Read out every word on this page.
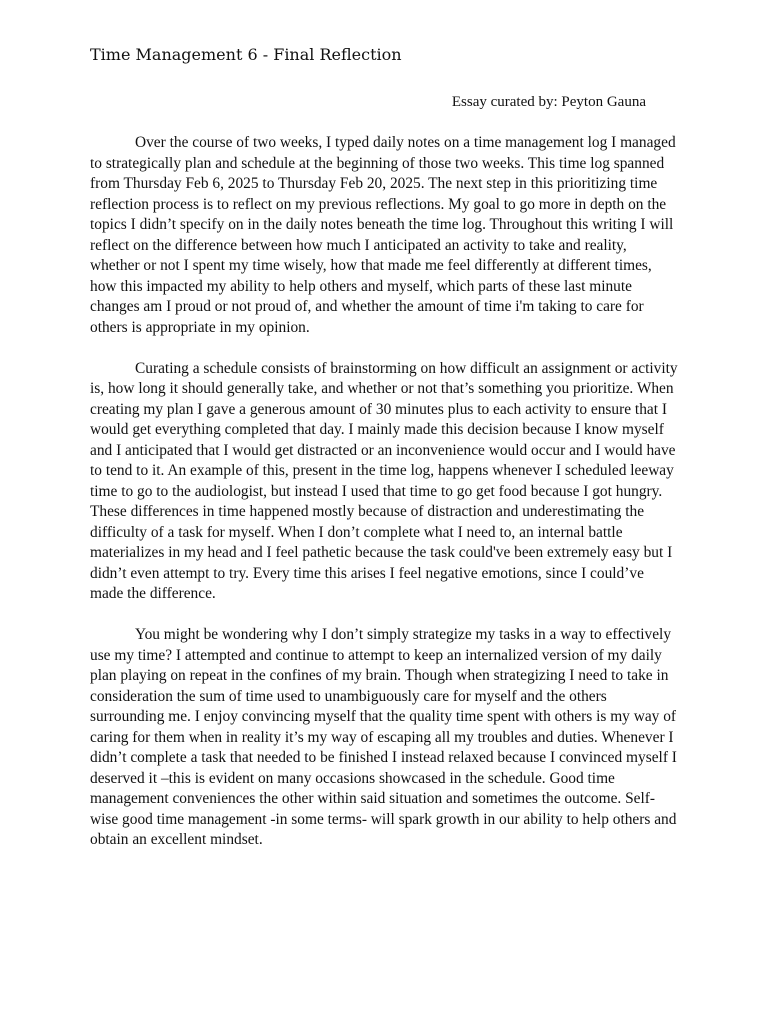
Time Management 6 - Final Reflection
Essay curated by: Peyton Gauna

Over the course of two weeks, I typed daily notes on a time management log I managed to strategically plan and schedule at the beginning of those two weeks. This time log spanned from Thursday Feb 6, 2025 to Thursday Feb 20, 2025. The next step in this prioritizing time reflection process is to reflect on my previous reflections. My goal to go more in depth on the topics I didn’t specify on in the daily notes beneath the time log. Throughout this writing I will reflect on the difference between how much I anticipated an activity to take and reality, whether or not I spent my time wisely, how that made me feel differently at different times, how this impacted my ability to help others and myself, which parts of these last minute changes am I proud or not proud of, and whether the amount of time i'm taking to care for others is appropriate in my opinion.

Curating a schedule consists of brainstorming on how difficult an assignment or activity is, how long it should generally take, and whether or not that’s something you prioritize. When creating my plan I gave a generous amount of 30 minutes plus to each activity to ensure that I would get everything completed that day. I mainly made this decision because I know myself and I anticipated that I would get distracted or an inconvenience would occur and I would have to tend to it. An example of this, present in the time log, happens whenever I scheduled leeway time to go to the audiologist, but instead I used that time to go get food because I got hungry. These differences in time happened mostly because of distraction and underestimating the difficulty of a task for myself. When I don’t complete what I need to, an internal battle materializes in my head and I feel pathetic because the task could've been extremely easy but I didn’t even attempt to try. Every time this arises I feel negative emotions, since I could’ve made the difference.

You might be wondering why I don’t simply strategize my tasks in a way to effectively use my time? I attempted and continue to attempt to keep an internalized version of my daily plan playing on repeat in the confines of my brain. Though when strategizing I need to take in consideration the sum of time used to unambiguously care for myself and the others surrounding me. I enjoy convincing myself that the quality time spent with others is my way of caring for them when in reality it’s my way of escaping all my troubles and duties. Whenever I didn’t complete a task that needed to be finished I instead relaxed because I convinced myself I deserved it –this is evident on many occasions showcased in the schedule. Good time management conveniences the other within said situation and sometimes the outcome. Self-wise good time management -in some terms- will spark growth in our ability to help others and obtain an excellent mindset.
